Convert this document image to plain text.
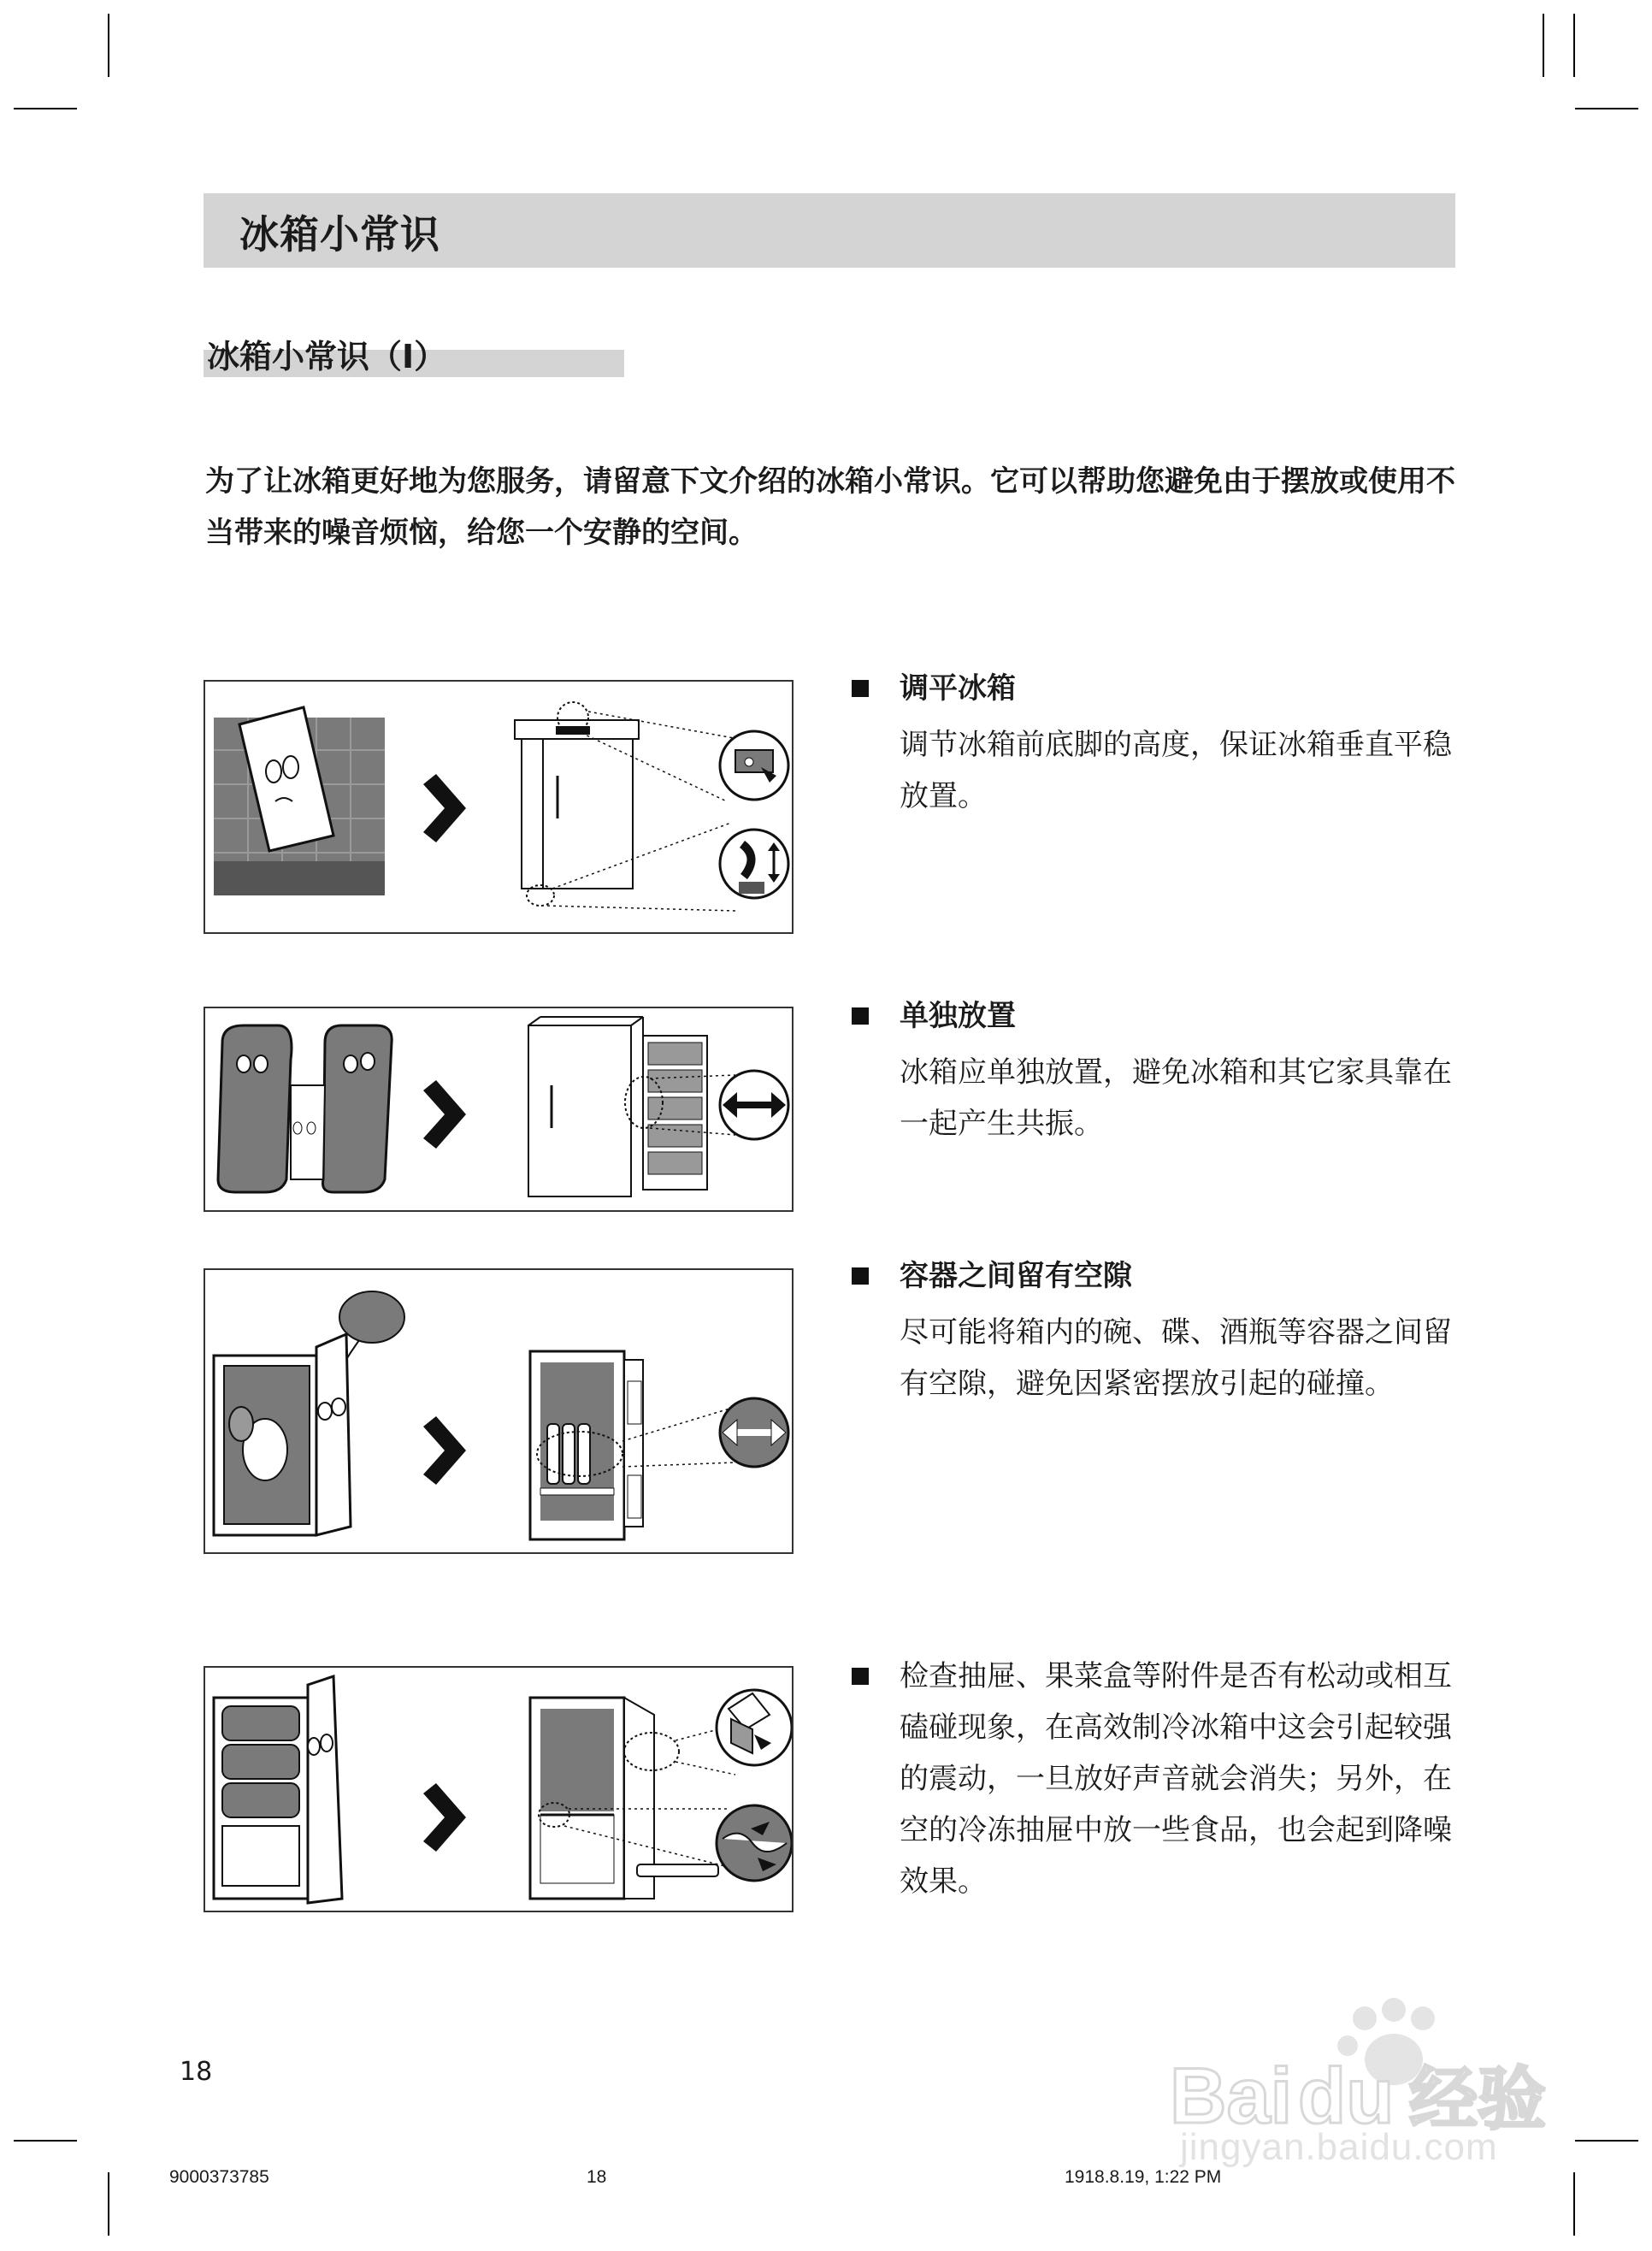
冰箱小常识
冰箱小常识（I）
为了让冰箱更好地为您服务，请留意下文介绍的冰箱小常识。它可以帮助您避免由于摆放或使用不当带来的噪音烦恼，给您一个安静的空间。
调平冰箱
调节冰箱前底脚的高度，保证冰箱垂直平稳放置。
单独放置
冰箱应单独放置，避免冰箱和其它家具靠在一起产生共振。
容器之间留有空隙
尽可能将箱内的碗、碟、酒瓶等容器之间留有空隙，避免因紧密摆放引起的碰撞。
检查抽屉、果菜盒等附件是否有松动或相互磕碰现象，在高效制冷冰箱中这会引起较强的震动，一旦放好声音就会消失；另外，在空的冷冻抽屉中放一些食品，也会起到降噪效果。
18	Bai du 经验
jingyan.baidu.com
9000373785	18	1918.8.19, 1:22 PM
